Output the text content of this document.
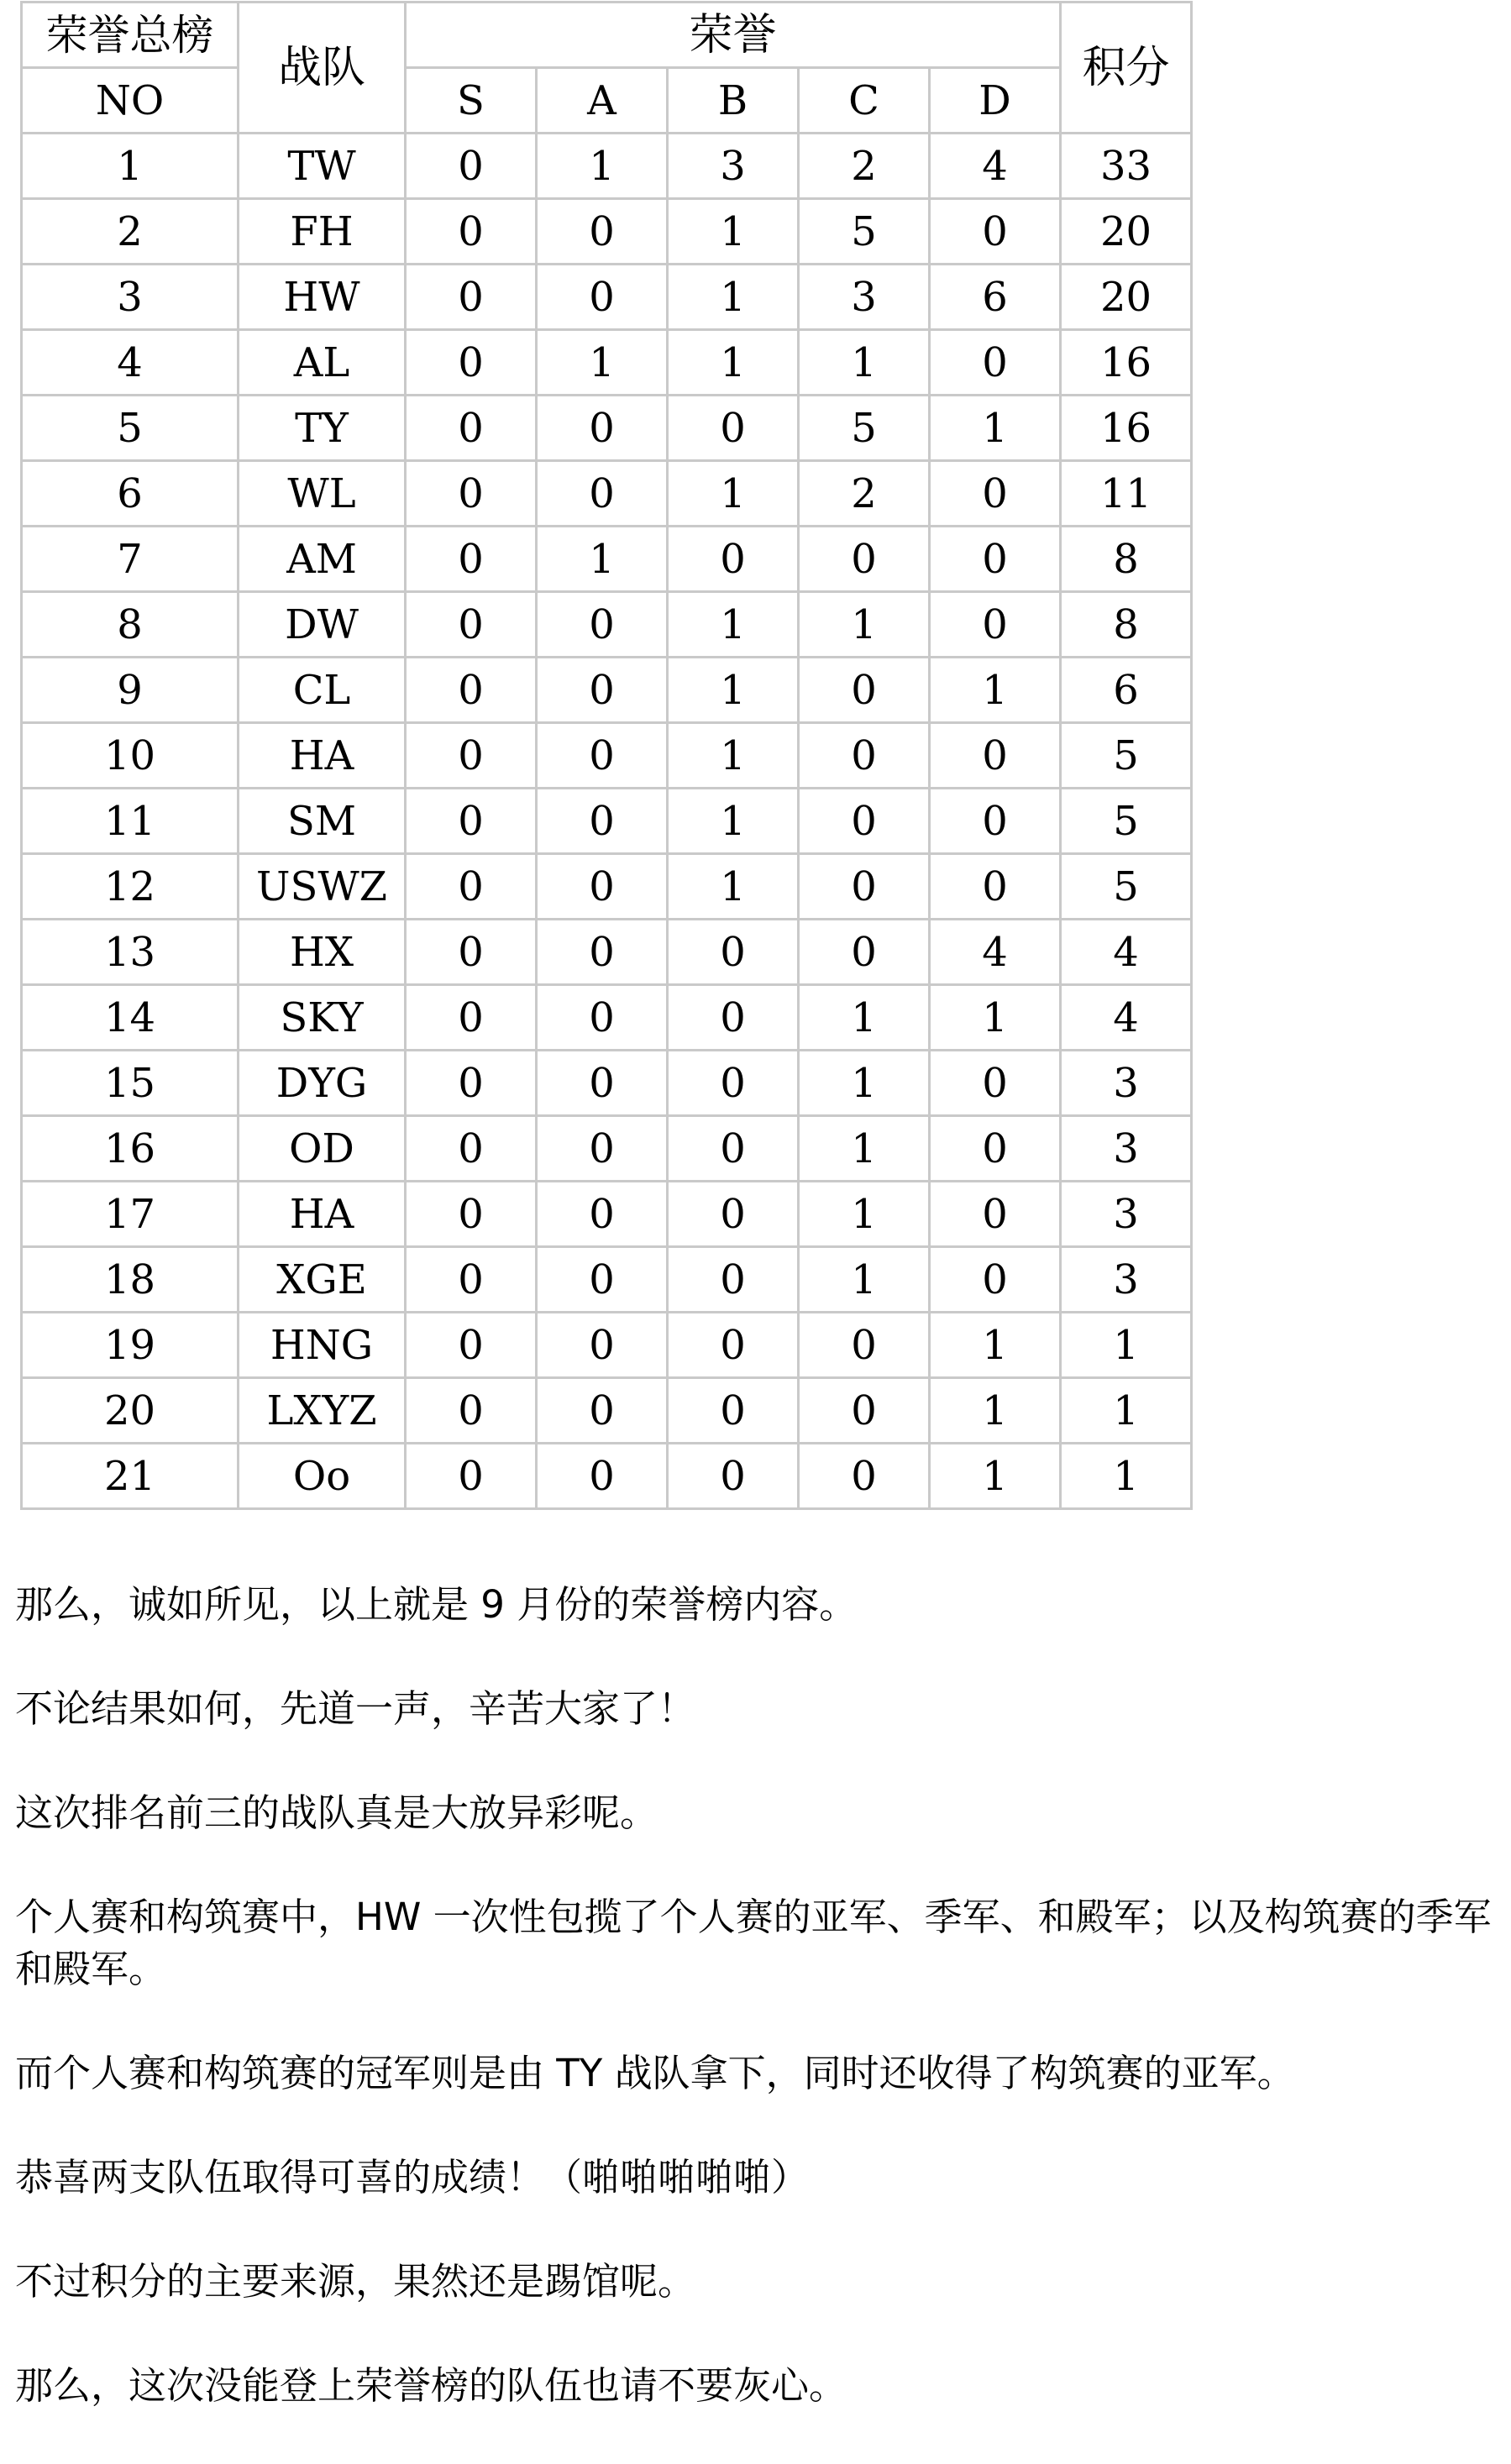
荣誉总榜	战队	荣誉					积分
NO		S	A	B	C	D	
1	TW	0	1	3	2	4	33
2	FH	0	0	1	5	0	20
3	HW	0	0	1	3	6	20
4	AL	0	1	1	1	0	16
5	TY	0	0	0	5	1	16
6	WL	0	0	1	2	0	11
7	AM	0	1	0	0	0	8
8	DW	0	0	1	1	0	8
9	CL	0	0	1	0	1	6
10	HA	0	0	1	0	0	5
11	SM	0	0	1	0	0	5
12	USWZ	0	0	1	0	0	5
13	HX	0	0	0	0	4	4
14	SKY	0	0	0	1	1	4
15	DYG	0	0	0	1	0	3
16	OD	0	0	0	1	0	3
17	HA	0	0	0	1	0	3
18	XGE	0	0	0	1	0	3
19	HNG	0	0	0	0	1	1
20	LXYZ	0	0	0	0	1	1
21	Oo	0	0	0	0	1	1

那么，诚如所见，以上就是 9 月份的荣誉榜内容。

不论结果如何，先道一声，辛苦大家了！

这次排名前三的战队真是大放异彩呢。

个人赛和构筑赛中，HW 一次性包揽了个人赛的亚军、季军、和殿军；以及构筑赛的季军和殿军。

而个人赛和构筑赛的冠军则是由 TY 战队拿下，同时还收得了构筑赛的亚军。

恭喜两支队伍取得可喜的成绩！（啪啪啪啪啪）

不过积分的主要来源，果然还是踢馆呢。

那么，这次没能登上荣誉榜的队伍也请不要灰心。
